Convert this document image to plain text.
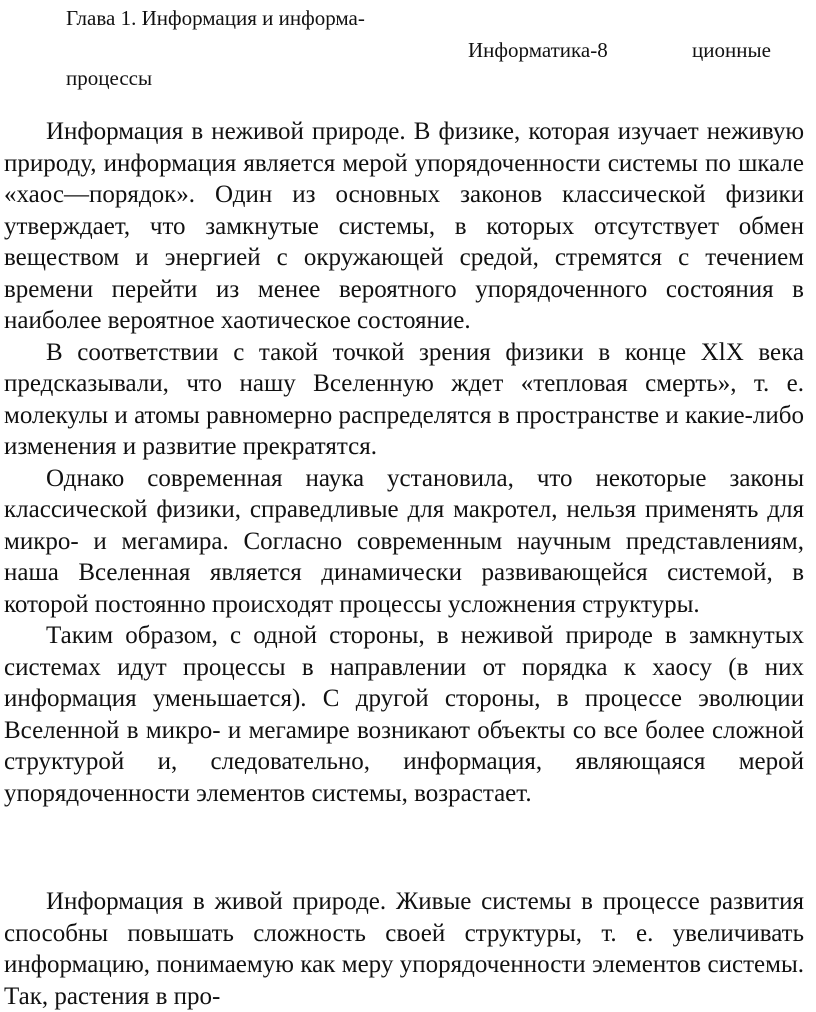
Глава 1. Информация и информа-
Информатика-8	ционные
процессы

Информация в неживой природе. В физике, которая изучает неживую природу, информация является мерой упорядоченности системы по шкале «хаос—порядок». Один из основных законов классической физики утверждает, что замкнутые системы, в которых отсутствует обмен веществом и энергией с окружающей средой, стремятся с течением времени перейти из менее вероятного упорядоченного состояния в наиболее вероятное хаотическое состояние.

В соответствии с такой точкой зрения физики в конце XlX века предсказывали, что нашу Вселенную ждет «тепловая смерть», т. е. молекулы и атомы равномерно распределятся в пространстве и какие-либо изменения и развитие прекратятся.

Однако современная наука установила, что некоторые законы классической физики, справедливые для макротел, нельзя применять для микро- и мегамира. Согласно современным научным представлениям, наша Вселенная является динамически развивающейся системой, в которой постоянно происходят процессы усложнения структуры.

Таким образом, с одной стороны, в неживой природе в замкнутых системах идут процессы в направлении от порядка к хаосу (в них информация уменьшается). С другой стороны, в процессе эволюции Вселенной в микро- и мегамире возникают объекты со все более сложной структурой и, следовательно, информация, являющаяся мерой упорядоченности элементов системы, возрастает.

Информация в живой природе. Живые системы в процессе развития способны повышать сложность своей структуры, т. е. увеличивать информацию, понимаемую как меру упорядоченности элементов системы. Так, растения в про-
